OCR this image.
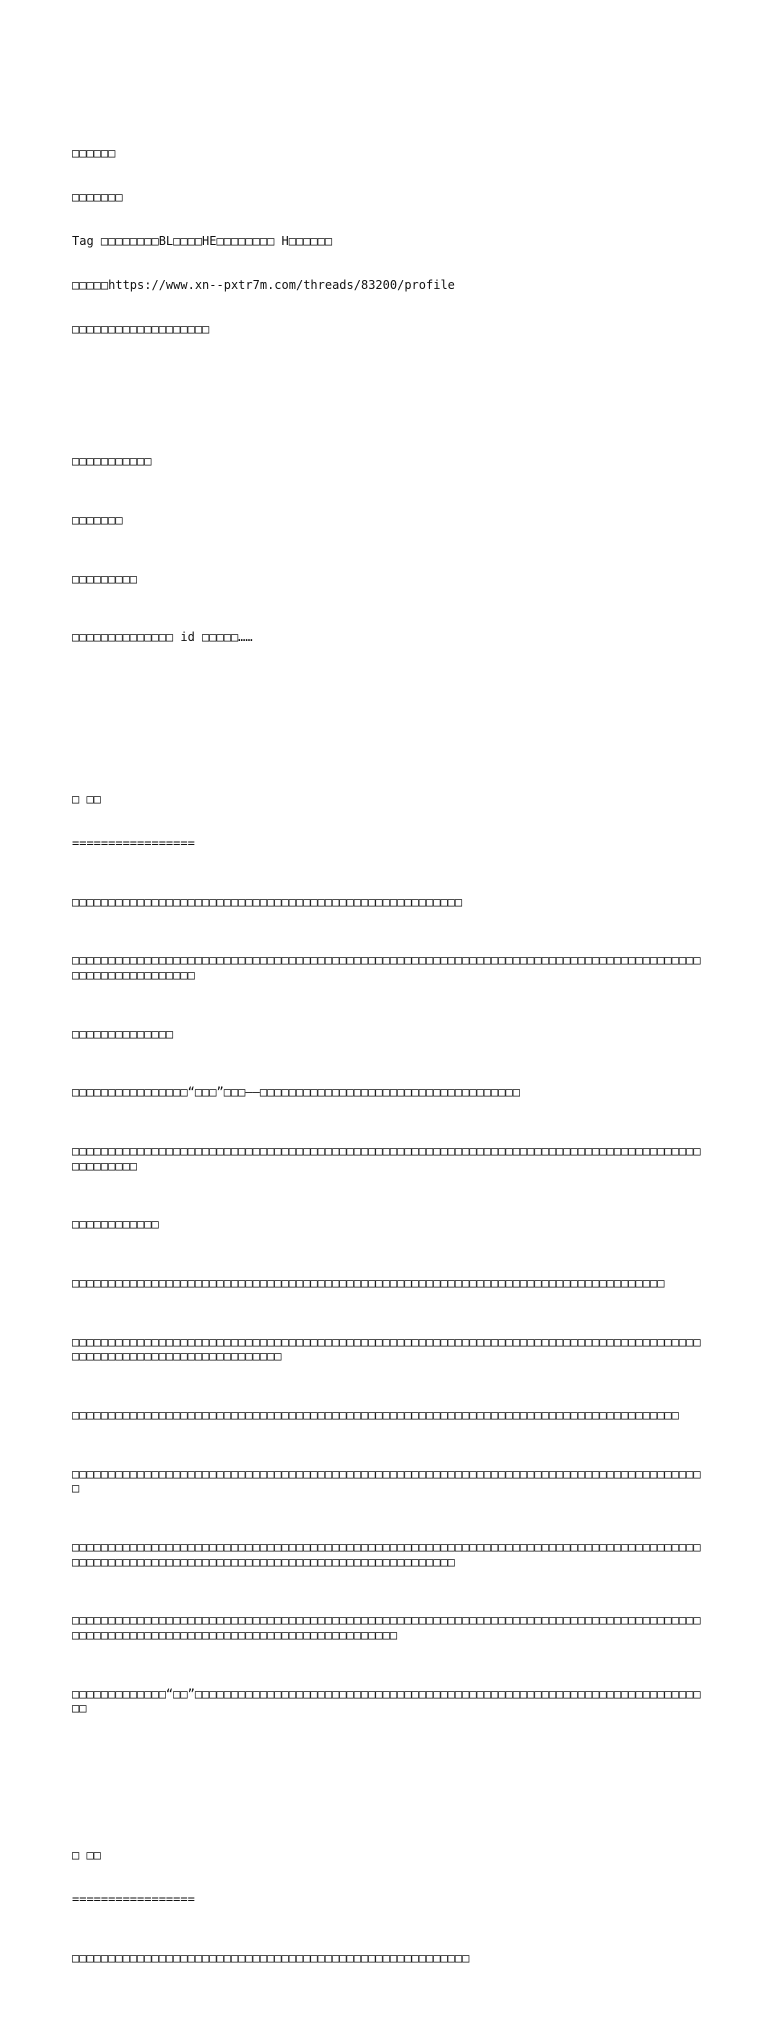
□□□□□□

□□□□□□□

Tag □□□□□□□□BL□□□□HE□□□□□□□□ H□□□□□□

□□□□□https://www.xn--pxtr7m.com/threads/83200/profile

□□□□□□□□□□□□□□□□□□□

□□□□□□□□□□□

□□□□□□□

□□□□□□□□□

□□□□□□□□□□□□□□ id □□□□□……

□ □□

=================

□□□□□□□□□□□□□□□□□□□□□□□□□□□□□□□□□□□□□□□□□□□□□□□□□□□□□□

□□□□□□□□□□□□□□□□□□□□□□□□□□□□□□□□□□□□□□□□□□□□□□□□□□□□□□□□□□□□□□□□□□□□□□□□□□□□□□□□□□□□□□□□□□□□□□□□□□□□□□□□

□□□□□□□□□□□□□□

□□□□□□□□□□□□□□□□“□□□”□□□——□□□□□□□□□□□□□□□□□□□□□□□□□□□□□□□□□□□□

□□□□□□□□□□□□□□□□□□□□□□□□□□□□□□□□□□□□□□□□□□□□□□□□□□□□□□□□□□□□□□□□□□□□□□□□□□□□□□□□□□□□□□□□□□□□□□□□

□□□□□□□□□□□□

□□□□□□□□□□□□□□□□□□□□□□□□□□□□□□□□□□□□□□□□□□□□□□□□□□□□□□□□□□□□□□□□□□□□□□□□□□□□□□□□□□

□□□□□□□□□□□□□□□□□□□□□□□□□□□□□□□□□□□□□□□□□□□□□□□□□□□□□□□□□□□□□□□□□□□□□□□□□□□□□□□□□□□□□□□□□□□□□□□□□□□□□□□□□□□□□□□□□□□□

□□□□□□□□□□□□□□□□□□□□□□□□□□□□□□□□□□□□□□□□□□□□□□□□□□□□□□□□□□□□□□□□□□□□□□□□□□□□□□□□□□□□

□□□□□□□□□□□□□□□□□□□□□□□□□□□□□□□□□□□□□□□□□□□□□□□□□□□□□□□□□□□□□□□□□□□□□□□□□□□□□□□□□□□□□□□□

□□□□□□□□□□□□□□□□□□□□□□□□□□□□□□□□□□□□□□□□□□□□□□□□□□□□□□□□□□□□□□□□□□□□□□□□□□□□□□□□□□□□□□□□□□□□□□□□□□□□□□□□□□□□□□□□□□□□□□□□□□□□□□□□□□□□□□□□□□□□

□□□□□□□□□□□□□□□□□□□□□□□□□□□□□□□□□□□□□□□□□□□□□□□□□□□□□□□□□□□□□□□□□□□□□□□□□□□□□□□□□□□□□□□□□□□□□□□□□□□□□□□□□□□□□□□□□□□□□□□□□□□□□□□□□□□□

□□□□□□□□□□□□□“□□”□□□□□□□□□□□□□□□□□□□□□□□□□□□□□□□□□□□□□□□□□□□□□□□□□□□□□□□□□□□□□□□□□□□□□□□□

□ □□

=================

□□□□□□□□□□□□□□□□□□□□□□□□□□□□□□□□□□□□□□□□□□□□□□□□□□□□□□□
